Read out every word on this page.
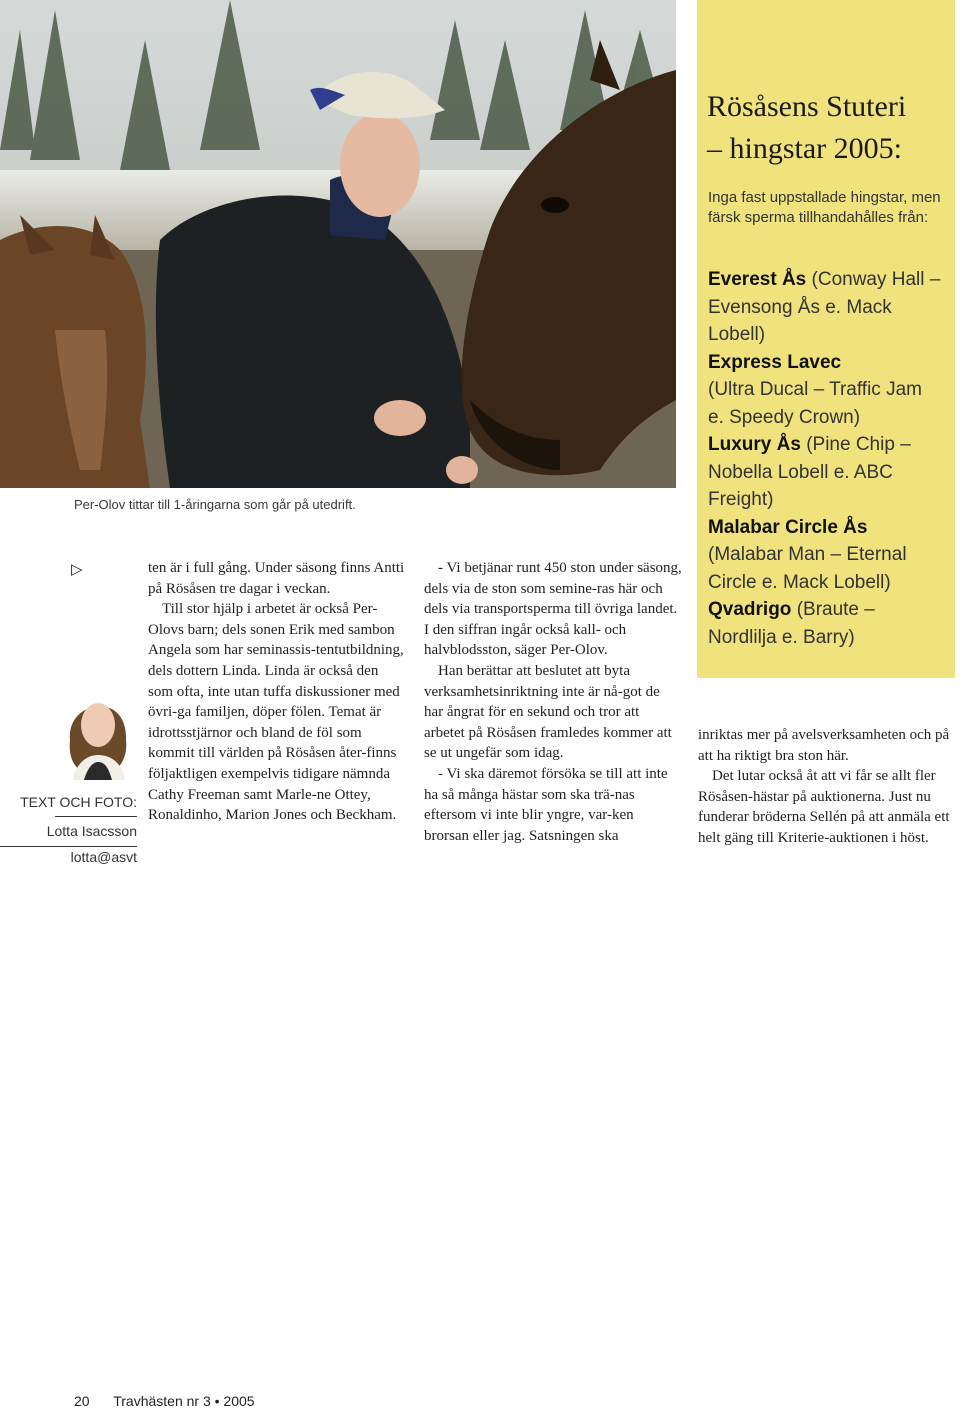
Per-Olov tittar till 1-åringarna som går på utedrift.

▷
TEXT OCH FOTO:
Lotta Isacsson
lotta@asvt

ten är i full gång. Under säsong finns Antti på Rösåsen tre dagar i veckan.

Till stor hjälp i arbetet är också Per-Olovs barn; dels sonen Erik med sambon Angela som har seminassis-tentutbildning, dels dottern Linda. Linda är också den som ofta, inte utan tuffa diskussioner med övri-ga familjen, döper fölen. Temat är idrottsstjärnor och bland de föl som kommit till världen på Rösåsen åter-finns följaktligen exempelvis tidigare nämnda Cathy Freeman samt Marle-ne Ottey, Ronaldinho, Marion Jones och Beckham.

- Vi betjänar runt 450 ston under säsong, dels via de ston som semine-ras här och dels via transportsperma till övriga landet. I den siffran ingår också kall- och halvblodsston, säger Per-Olov.

Han berättar att beslutet att byta verksamhetsinriktning inte är nå-got de har ångrat för en sekund och tror att arbetet på Rösåsen framledes kommer att se ut ungefär som idag.

- Vi ska däremot försöka se till att inte ha så många hästar som ska trä-nas eftersom vi inte blir yngre, var-ken brorsan eller jag. Satsningen ska

inriktas mer på avelsverksamheten och på att ha riktigt bra ston här.

Det lutar också åt att vi får se allt fler Rösåsen-hästar på auktionerna. Just nu funderar bröderna Sellén på att anmäla ett helt gäng till Kriterie-auktionen i höst.

Rösåsens Stuteri
– hingstar 2005:

Inga fast uppstallade hingstar, men färsk sperma tillhandahålles från:

Everest Ås (Conway Hall – Evensong Ås e. Mack Lobell)
Express Lavec
(Ultra Ducal – Traffic Jam e. Speedy Crown)
Luxury Ås (Pine Chip – Nobella Lobell e. ABC Freight)
Malabar Circle Ås
(Malabar Man – Eternal Circle e. Mack Lobell)
Qvadrigo (Braute – Nordlilja e. Barry)

20 Travhästen nr 3 • 2005
